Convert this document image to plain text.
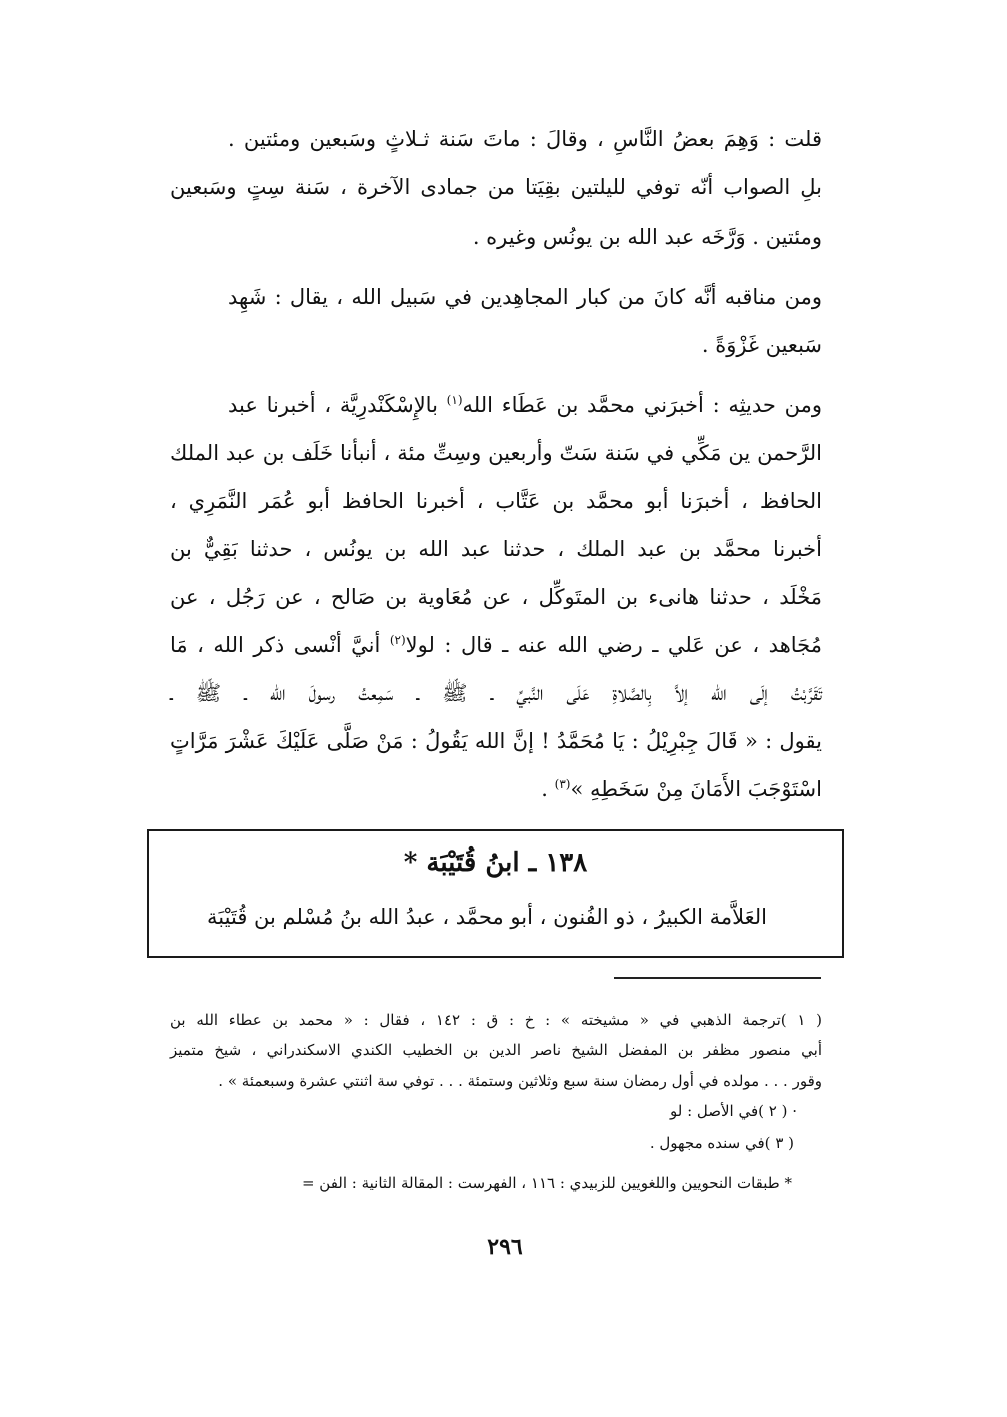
قلت : وَهِمَ بعضُ النَّاسِ ، وقالَ : ماتَ سَنة ثـلاثٍ وسَبعين ومئتين .
بلِ الصواب أنّه توفي لليلتين بقِيَتا من جمادى الآخرة ، سَنة سِتٍ وسَبعين
ومئتين . وَرَّخَه عبد الله بن يونُس وغيره .
ومن مناقبه أنَّه كانَ من كبار المجاهِدين في سَبيل الله ، يقال : شَهِد
سَبعين غَزْوَةً .
ومن حديثِه : أخبرَني محمَّد بن عَطَاء الله$^{(١)}$ بالإِسْكَنْدرِيَّة ، أخبرنا عبد
الرَّحمن ين مَكِّي في سَنة سَتّ وأربعين وسِتِّ مئة ، أنبأنا خَلَف بن عبد الملك
الحافظ ، أخبرَنا أبو محمَّد بن عَتَّاب ، أخبرنا الحافظ أبو عُمَر النَّمَرِي ،
أخبرنا محمَّد بن عبد الملك ، حدثنا عبد الله بن يونُس ، حدثنا بَقِيٌّ بن
مَخْلَد ، حدثنا هانىء بن المتَوكِّل ، عن مُعَاوية بن صَالح ، عن رَجُل ، عن
مُجَاهد ، عن عَلي ـ رضي الله عنه ـ قال : لولا$^{(٢)}$ أنيَّ أنْسى ذكر الله ، مَا
تَقَرَّبْتُ إلَى الله إلاَّ بِالصَّلاةِ عَلَى النَّبيِّ ـ ﷺ ـ سَمِعتُ رسولَ الله ـ ﷺ ـ
يقول : « قَالَ جِبْرِيْلُ : يَا مُحَمَّدُ ! إنَّ الله يَقُولُ : مَنْ صَلَّى عَلَيْكَ عَشْرَ مَرَّاتٍ
اسْتَوْجَبَ الأَمَانَ مِنْ سَخَطِهِ »$^{(٣)}$ .
١٣٨ ـ ابنُ قُتَيْبَة *
العَلاَّمة الكبيرُ ، ذو الفُنون ، أبو محمَّد ، عبدُ الله بنُ مُسْلم بن قُتَيْبَة
( ١ )ترجمة الذهبي في « مشيخته » : خ : ق : ١٤٢ ، فقال : « محمد بن عطاء الله بن
أبي منصور مظفر بن المفضل الشيخ ناصر الدين بن الخطيب الكندي الاسكندراني ، شيخ متميز
وقور . . . مولده في أول رمضان سنة سبع وثلاثين وستمئة . . . توفي سة اثنتي عشرة وسبعمئة » .
· ( ٢ )في الأصل : لو
( ٣ )في سنده مجهول .
* طبقات النحويين واللغويين للزبيدي : ١١٦ ، الفهرست : المقالة الثانية : الفن =
٢٩٦
